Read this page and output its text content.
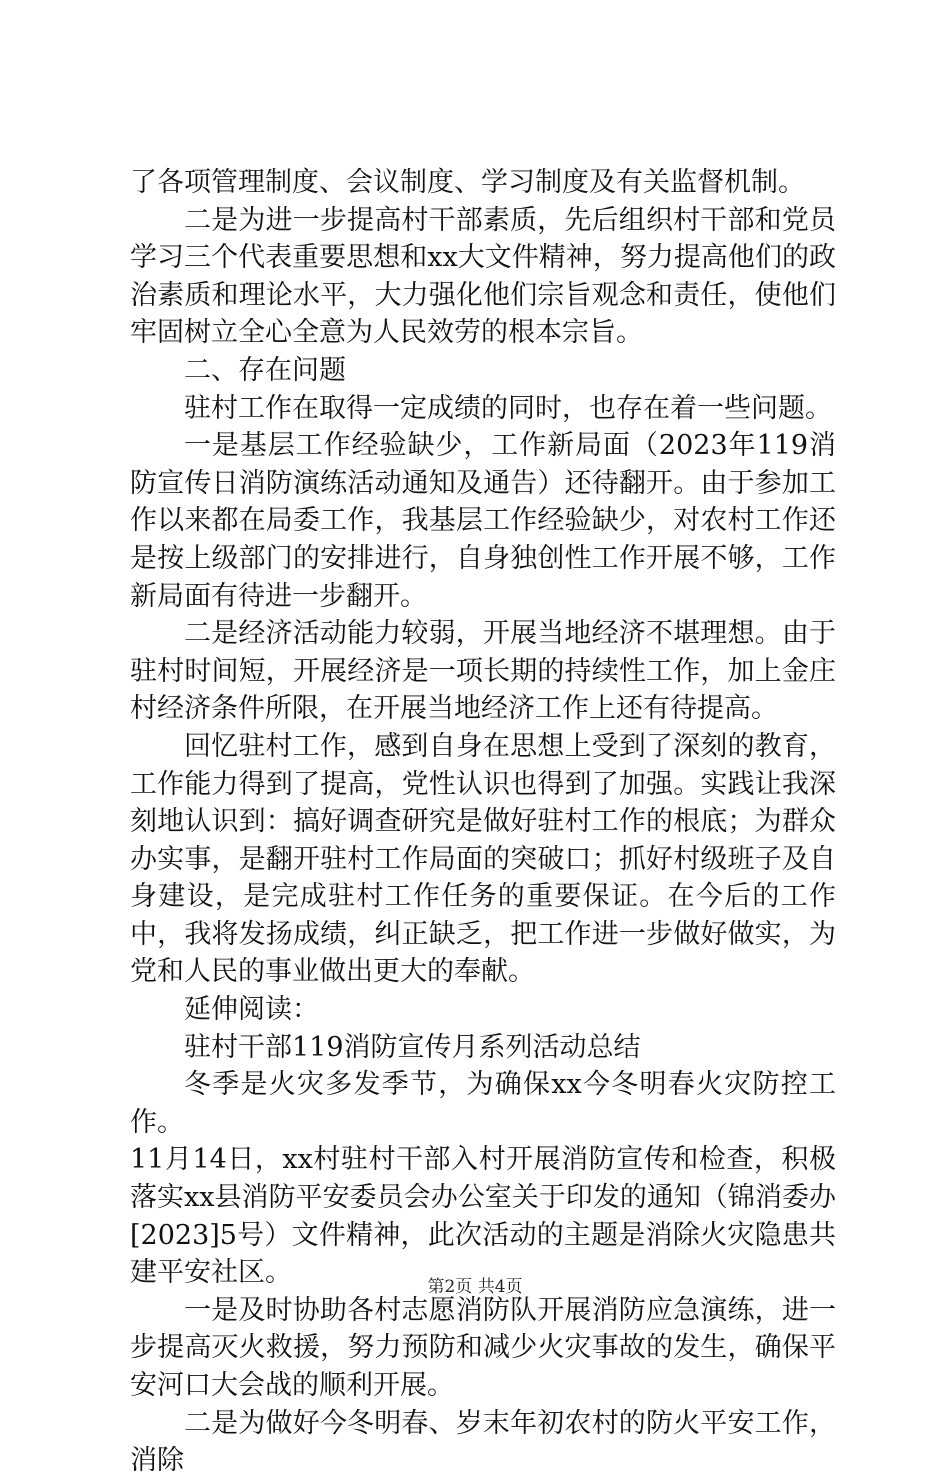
了各项管理制度、会议制度、学习制度及有关监督机制。

二是为进一步提高村干部素质，先后组织村干部和党员学习三个代表重要思想和xx大文件精神，努力提高他们的政治素质和理论水平，大力强化他们宗旨观念和责任，使他们牢固树立全心全意为人民效劳的根本宗旨。

二、存在问题

驻村工作在取得一定成绩的同时，也存在着一些问题。

一是基层工作经验缺少，工作新局面（2023年119消防宣传日消防演练活动通知及通告）还待翻开。由于参加工作以来都在局委工作，我基层工作经验缺少，对农村工作还是按上级部门的安排进行，自身独创性工作开展不够，工作新局面有待进一步翻开。

二是经济活动能力较弱，开展当地经济不堪理想。由于驻村时间短，开展经济是一项长期的持续性工作，加上金庄村经济条件所限，在开展当地经济工作上还有待提高。

回忆驻村工作，感到自身在思想上受到了深刻的教育，工作能力得到了提高，党性认识也得到了加强。实践让我深刻地认识到：搞好调查研究是做好驻村工作的根底；为群众办实事，是翻开驻村工作局面的突破口；抓好村级班子及自身建设，是完成驻村工作任务的重要保证。在今后的工作中，我将发扬成绩，纠正缺乏，把工作进一步做好做实，为党和人民的事业做出更大的奉献。

延伸阅读：

驻村干部119消防宣传月系列活动总结

冬季是火灾多发季节，为确保xx今冬明春火灾防控工作。

11月14日，xx村驻村干部入村开展消防宣传和检查，积极落实xx县消防平安委员会办公室关于印发的通知（锦消委办[2023]5号）文件精神，此次活动的主题是消除火灾隐患共建平安社区。

一是及时协助各村志愿消防队开展消防应急演练，进一步提高灭火救援，努力预防和减少火灾事故的发生，确保平安河口大会战的顺利开展。

二是为做好今冬明春、岁末年初农村的防火平安工作，消除

第2页 共4页
